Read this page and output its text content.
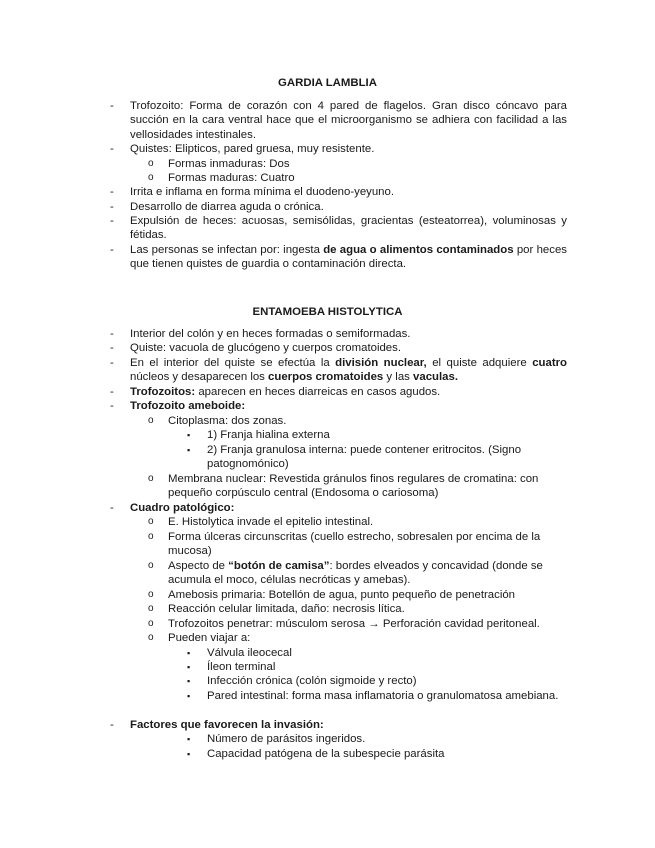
GARDIA LAMBLIA
- Trofozoito: Forma de corazón con 4 pared de flagelos. Gran disco cóncavo para succión en la cara ventral hace que el microorganismo se adhiera con facilidad a las vellosidades intestinales.
- Quistes: Elipticos, pared gruesa, muy resistente.
o Formas inmaduras: Dos
o Formas maduras: Cuatro
- Irrita e inflama en forma mínima el duodeno-yeyuno.
- Desarrollo de diarrea aguda o crónica.
- Expulsión de heces: acuosas, semisólidas, gracientas (esteatorrea), voluminosas y fétidas.
- Las personas se infectan por: ingesta de agua o alimentos contaminados por heces que tienen quistes de guardia o contaminación directa.
ENTAMOEBA HISTOLYTICA
- Interior del colón y en heces formadas o semiformadas.
- Quiste: vacuola de glucógeno y cuerpos cromatoides.
- En el interior del quiste se efectúa la división nuclear, el quiste adquiere cuatro núcleos y desaparecen los cuerpos cromatoides y las vaculas.
- Trofozoitos: aparecen en heces diarreicas en casos agudos.
- Trofozoito ameboide:
o Citoplasma: dos zonas.
▪ 1) Franja hialina externa
▪ 2) Franja granulosa interna: puede contener eritrocitos. (Signo patognomónico)
o Membrana nuclear: Revestida gránulos finos regulares de cromatina: con pequeño corpúsculo central (Endosoma o cariosoma)
- Cuadro patológico:
o E. Histolytica invade el epitelio intestinal.
o Forma úlceras circunscritas (cuello estrecho, sobresalen por encima de la mucosa)
o Aspecto de “botón de camisa”: bordes elveados y concavidad (donde se acumula el moco, células necróticas y amebas).
o Amebosis primaria: Botellón de agua, punto pequeño de penetración
o Reacción celular limitada, daño: necrosis lítica.
o Trofozoitos penetrar: músculom serosa → Perforación cavidad peritoneal.
o Pueden viajar a:
▪ Válvula ileocecal
▪ Íleon terminal
▪ Infección crónica (colón sigmoide y recto)
▪ Pared intestinal: forma masa inflamatoria o granulomatosa amebiana.
- Factores que favorecen la invasión:
▪ Número de parásitos ingeridos.
▪ Capacidad patógena de la subespecie parásita
